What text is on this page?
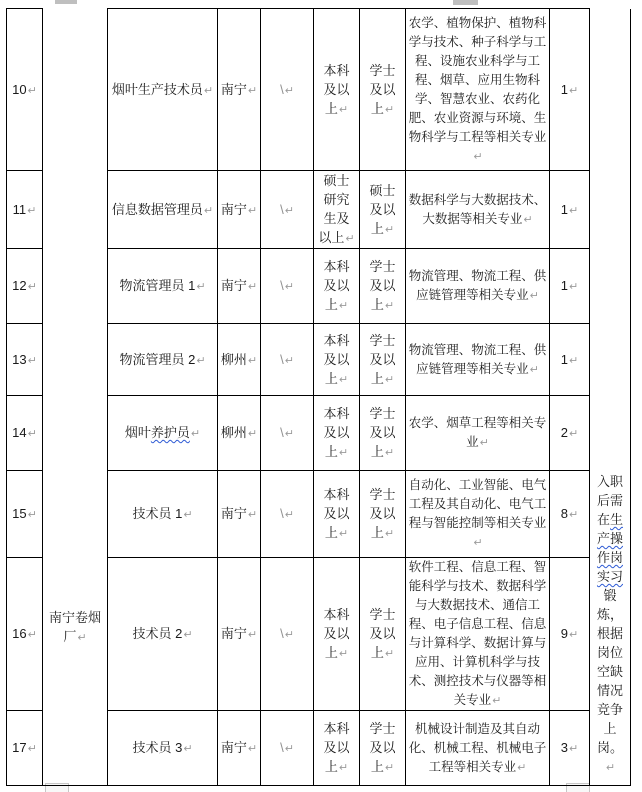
10↵	南宁卷烟厂↵	烟叶生产技术员↵	南宁↵	\↵	本科及以上↵	学士及以上↵	农学、植物保护、植物科学与技术、种子科学与工程、设施农业科学与工程、烟草、应用生物科学、智慧农业、农药化肥、农业资源与环境、生物科学与工程等相关专业↵	1↵	入职后需在生产操作岗实习锻炼，根据岗位空缺情况竞争上岗。↵

11↵		信息数据管理员↵	南宁↵	\↵	硕士研究生及以上↵	硕士及以上↵	数据科学与大数据技术、大数据等相关专业↵	1↵	
12↵		物流管理员 1↵	南宁↵	\↵	本科及以上↵	学士及以上↵	物流管理、物流工程、供应链管理等相关专业↵	1↵	
13↵		物流管理员 2↵	柳州↵	\↵	本科及以上↵	学士及以上↵	物流管理、物流工程、供应链管理等相关专业↵	1↵	
14↵		烟叶养护员↵	柳州↵	\↵	本科及以上↵	学士及以上↵	农学、烟草工程等相关专业↵	2↵	
15↵		技术员 1↵	南宁↵	\↵	本科及以上↵	学士及以上↵	自动化、工业智能、电气工程及其自动化、电气工程与智能控制等相关专业↵	8↵	
16↵		技术员 2↵	南宁↵	\↵	本科及以上↵	学士及以上↵	软件工程、信息工程、智能科学与技术、数据科学与大数据技术、通信工程、电子信息工程、信息与计算科学、数据计算与应用、计算机科学与技术、测控技术与仪器等相关专业↵	9↵	
17↵		技术员 3↵	南宁↵	\↵	本科及以上↵	学士及以上↵	机械设计制造及其自动化、机械工程、机械电子工程等相关专业↵	3↵	
